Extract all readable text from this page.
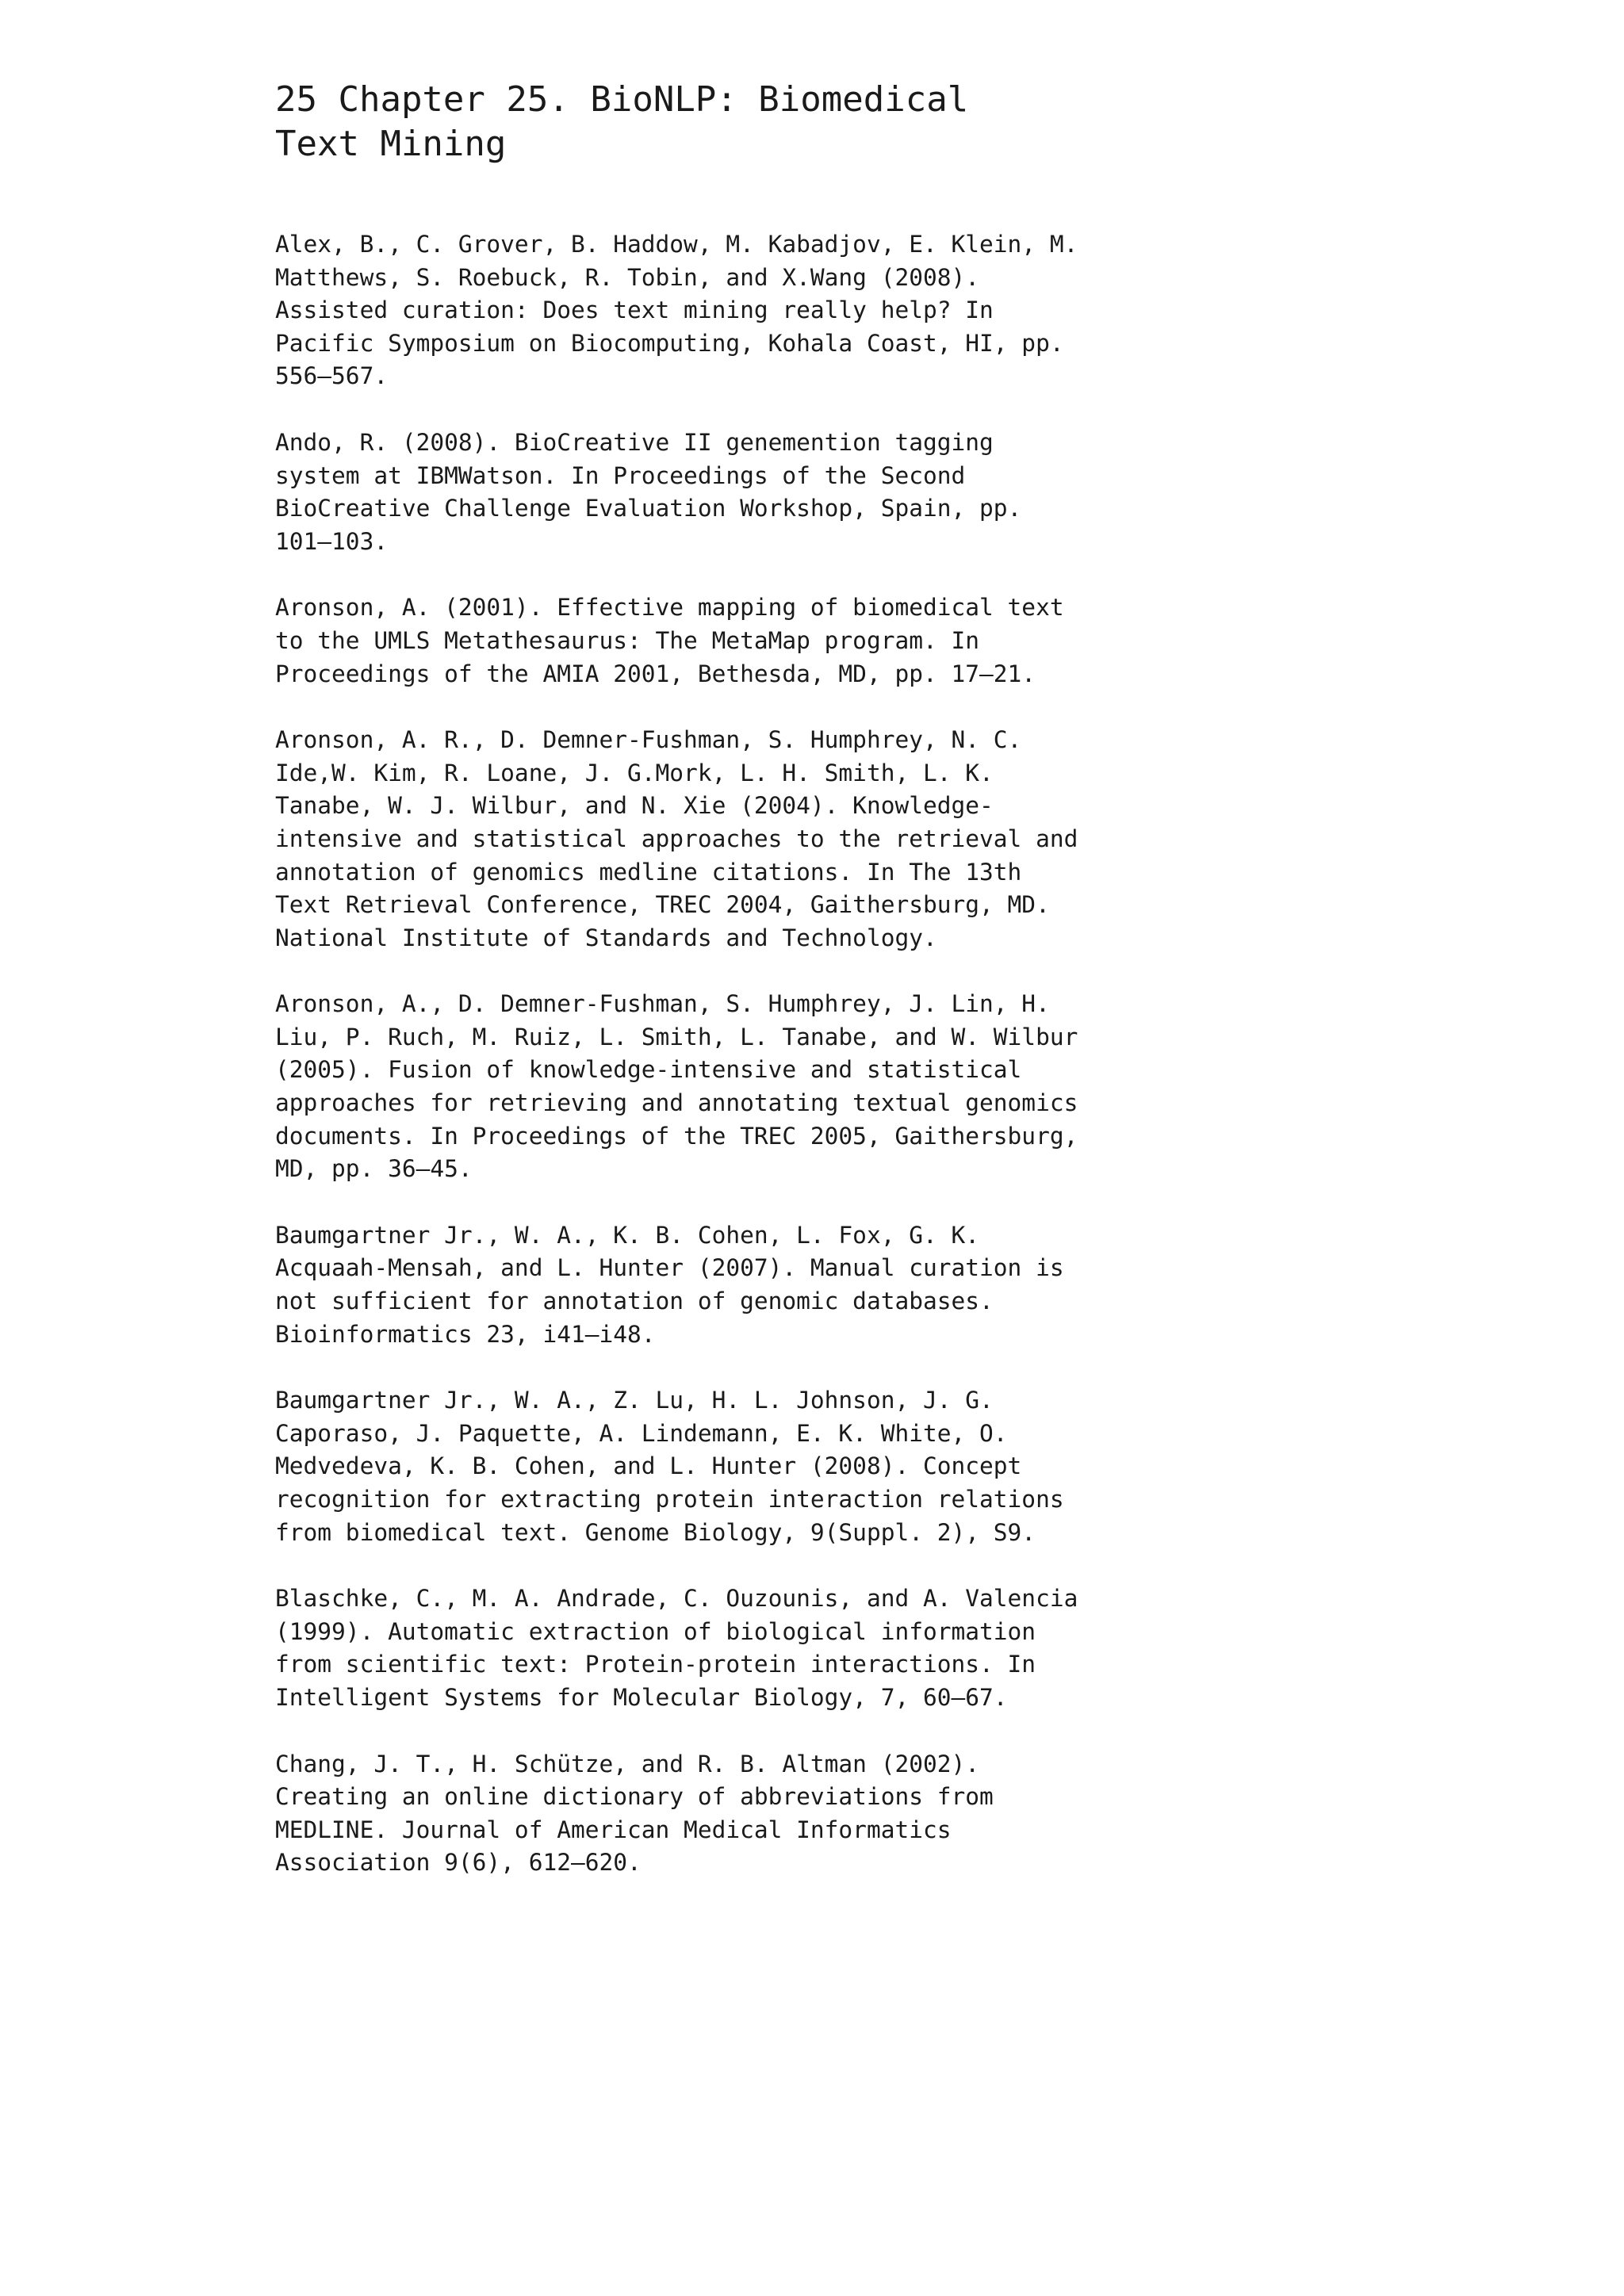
25 Chapter 25. BioNLP: Biomedical Text Mining
Alex, B., C. Grover, B. Haddow, M. Kabadjov, E. Klein, M. Matthews, S. Roebuck, R. Tobin, and X.Wang (2008). Assisted curation: Does text mining really help? In Pacific Symposium on Biocomputing, Kohala Coast, HI, pp. 556–567.
Ando, R. (2008). BioCreative II genemention tagging system at IBMWatson. In Proceedings of the Second BioCreative Challenge Evaluation Workshop, Spain, pp. 101–103.
Aronson, A. (2001). Effective mapping of biomedical text to the UMLS Metathesaurus: The MetaMap program. In Proceedings of the AMIA 2001, Bethesda, MD, pp. 17–21.
Aronson, A. R., D. Demner-Fushman, S. Humphrey, N. C. Ide,W. Kim, R. Loane, J. G.Mork, L. H. Smith, L. K. Tanabe, W. J. Wilbur, and N. Xie (2004). Knowledge-intensive and statistical approaches to the retrieval and annotation of genomics medline citations. In The 13th Text Retrieval Conference, TREC 2004, Gaithersburg, MD. National Institute of Standards and Technology.
Aronson, A., D. Demner-Fushman, S. Humphrey, J. Lin, H. Liu, P. Ruch, M. Ruiz, L. Smith, L. Tanabe, and W. Wilbur (2005). Fusion of knowledge-intensive and statistical approaches for retrieving and annotating textual genomics documents. In Proceedings of the TREC 2005, Gaithersburg, MD, pp. 36–45.
Baumgartner Jr., W. A., K. B. Cohen, L. Fox, G. K. Acquaah-Mensah, and L. Hunter (2007). Manual curation is not sufficient for annotation of genomic databases. Bioinformatics 23, i41–i48.
Baumgartner Jr., W. A., Z. Lu, H. L. Johnson, J. G. Caporaso, J. Paquette, A. Lindemann, E. K. White, O. Medvedeva, K. B. Cohen, and L. Hunter (2008). Concept recognition for extracting protein interaction relations from biomedical text. Genome Biology, 9(Suppl. 2), S9.
Blaschke, C., M. A. Andrade, C. Ouzounis, and A. Valencia (1999). Automatic extraction of biological information from scientific text: Protein-protein interactions. In Intelligent Systems for Molecular Biology, 7, 60–67.
Chang, J. T., H. Schütze, and R. B. Altman (2002). Creating an online dictionary of abbreviations from MEDLINE. Journal of American Medical Informatics Association 9(6), 612–620.
